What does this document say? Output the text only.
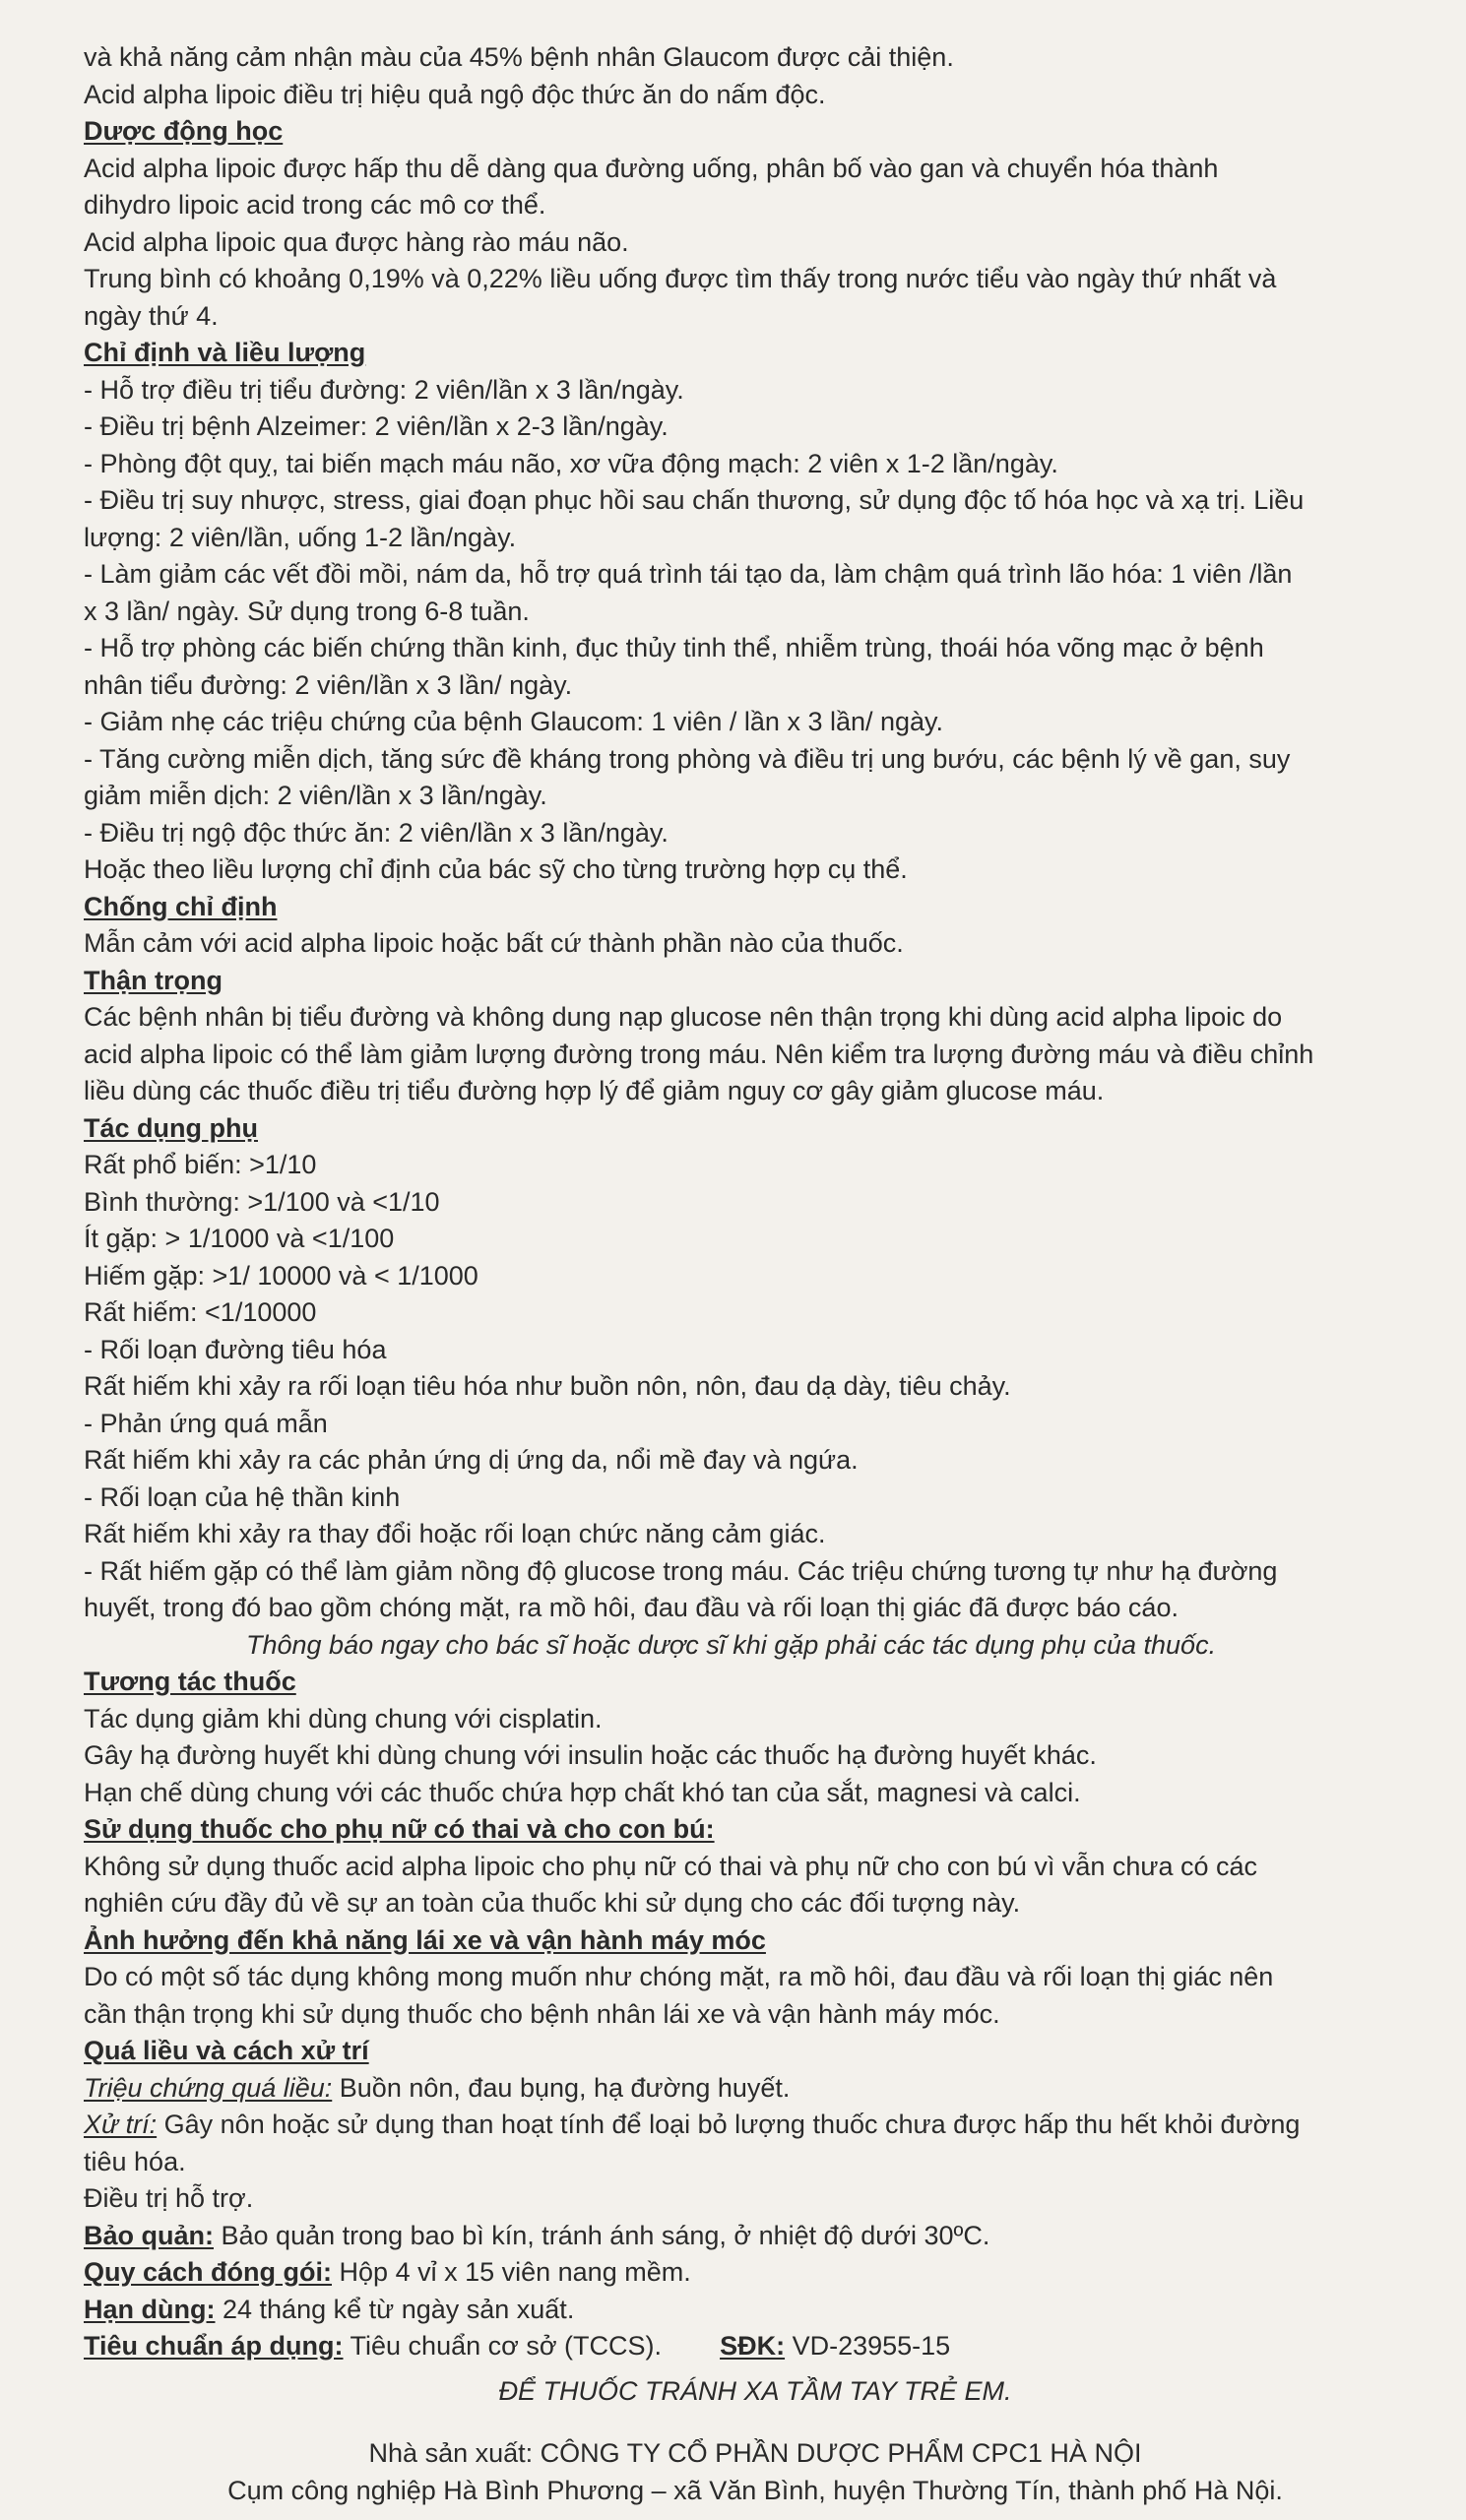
và khả năng cảm nhận màu của 45% bệnh nhân Glaucom được cải thiện.
Acid alpha lipoic điều trị hiệu quả ngộ độc thức ăn do nấm độc.
Dược động học
Acid alpha lipoic được hấp thu dễ dàng qua đường uống, phân bố vào gan và chuyển hóa thành
dihydro lipoic acid trong các mô cơ thể.
Acid alpha lipoic qua được hàng rào máu não.
Trung bình có khoảng 0,19% và 0,22% liều uống được tìm thấy trong nước tiểu vào ngày thứ nhất và
ngày thứ 4.
Chỉ định và liều lượng
- Hỗ trợ điều trị tiểu đường: 2 viên/lần x 3 lần/ngày.
- Điều trị bệnh Alzeimer: 2 viên/lần x 2-3 lần/ngày.
- Phòng đột quỵ, tai biến mạch máu não, xơ vữa động mạch: 2 viên x 1-2 lần/ngày.
- Điều trị suy nhược, stress, giai đoạn phục hồi sau chấn thương, sử dụng độc tố hóa học và xạ trị. Liều
lượng: 2 viên/lần, uống 1-2 lần/ngày.
- Làm giảm các vết đồi mồi, nám da, hỗ trợ quá trình tái tạo da, làm chậm quá trình lão hóa: 1 viên /lần
x 3 lần/ ngày. Sử dụng trong 6-8 tuần.
- Hỗ trợ phòng các biến chứng thần kinh, đục thủy tinh thể, nhiễm trùng, thoái hóa võng mạc ở bệnh
nhân tiểu đường: 2 viên/lần x 3 lần/ ngày.
- Giảm nhẹ các triệu chứng của bệnh Glaucom: 1 viên / lần x 3 lần/ ngày.
- Tăng cường miễn dịch, tăng sức đề kháng trong phòng và điều trị ung bướu, các bệnh lý về gan, suy
giảm miễn dịch: 2 viên/lần x 3 lần/ngày.
- Điều trị ngộ độc thức ăn: 2 viên/lần x 3 lần/ngày.
Hoặc theo liều lượng chỉ định của bác sỹ cho từng trường hợp cụ thể.
Chống chỉ định
Mẫn cảm với acid alpha lipoic hoặc bất cứ thành phần nào của thuốc.
Thận trọng
Các bệnh nhân bị tiểu đường và không dung nạp glucose nên thận trọng khi dùng acid alpha lipoic do
acid alpha lipoic có thể làm giảm lượng đường trong máu. Nên kiểm tra lượng đường máu và điều chỉnh
liều dùng các thuốc điều trị tiểu đường hợp lý để giảm nguy cơ gây giảm glucose máu.
Tác dụng phụ
Rất phổ biến: >1/10
Bình thường: >1/100 và <1/10
Ít gặp: > 1/1000 và <1/100
Hiếm gặp: >1/ 10000 và < 1/1000
Rất hiếm: <1/10000
- Rối loạn đường tiêu hóa
Rất hiếm khi xảy ra rối loạn tiêu hóa như buồn nôn, nôn, đau dạ dày, tiêu chảy.
- Phản ứng quá mẫn
Rất hiếm khi xảy ra các phản ứng dị ứng da, nổi mề đay và ngứa.
- Rối loạn của hệ thần kinh
Rất hiếm khi xảy ra thay đổi hoặc rối loạn chức năng cảm giác.
- Rất hiếm gặp có thể làm giảm nồng độ glucose trong máu. Các triệu chứng tương tự như hạ đường
huyết, trong đó bao gồm chóng mặt, ra mồ hôi, đau đầu và rối loạn thị giác đã được báo cáo.
Thông báo ngay cho bác sĩ hoặc dược sĩ khi gặp phải các tác dụng phụ của thuốc.
Tương tác thuốc
Tác dụng giảm khi dùng chung với cisplatin.
Gây hạ đường huyết khi dùng chung với insulin hoặc các thuốc hạ đường huyết khác.
Hạn chế dùng chung với các thuốc chứa hợp chất khó tan của sắt, magnesi và calci.
Sử dụng thuốc cho phụ nữ có thai và cho con bú:
Không sử dụng thuốc acid alpha lipoic cho phụ nữ có thai và phụ nữ cho con bú vì vẫn chưa có các
nghiên cứu đầy đủ về sự an toàn của thuốc khi sử dụng cho các đối tượng này.
Ảnh hưởng đến khả năng lái xe và vận hành máy móc
Do có một số tác dụng không mong muốn như chóng mặt, ra mồ hôi, đau đầu và rối loạn thị giác nên
cần thận trọng khi sử dụng thuốc cho bệnh nhân lái xe và vận hành máy móc.
Quá liều và cách xử trí
Triệu chứng quá liều: Buồn nôn, đau bụng, hạ đường huyết.
Xử trí: Gây nôn hoặc sử dụng than hoạt tính để loại bỏ lượng thuốc chưa được hấp thu hết khỏi đường
tiêu hóa.
Điều trị hỗ trợ.
Bảo quản: Bảo quản trong bao bì kín, tránh ánh sáng, ở nhiệt độ dưới 30ºC.
Quy cách đóng gói: Hộp 4 vỉ x 15 viên nang mềm.
Hạn dùng: 24 tháng kể từ ngày sản xuất.
Tiêu chuẩn áp dụng: Tiêu chuẩn cơ sở (TCCS). SĐK: VD-23955-15
ĐỂ THUỐC TRÁNH XA TẦM TAY TRẺ EM.
Nhà sản xuất: CÔNG TY CỔ PHẦN DƯỢC PHẨM CPC1 HÀ NỘI
Cụm công nghiệp Hà Bình Phương – xã Văn Bình, huyện Thường Tín, thành phố Hà Nội.
